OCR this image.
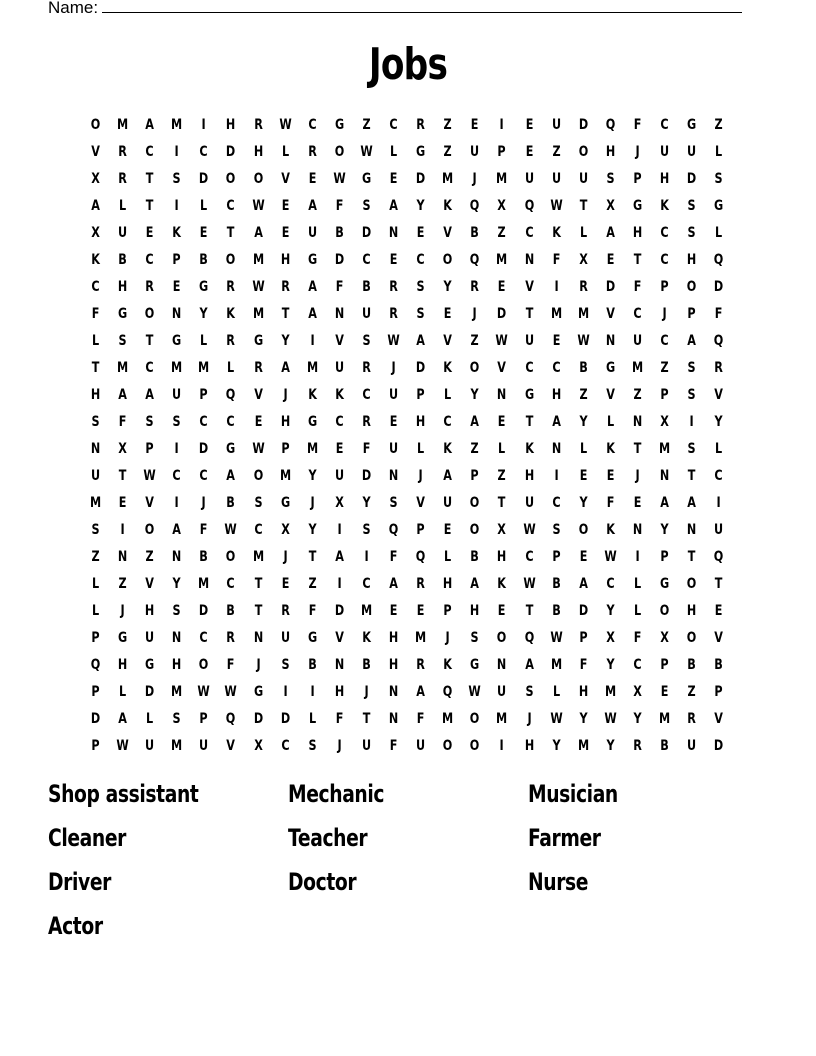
Name:
Jobs
O	M	A	M	I	H	R	W	C	G	Z	C	R	Z	E	I	E	U	D	Q	F	C	G	Z
V	R	C	I	C	D	H	L	R	O	W	L	G	Z	U	P	E	Z	O	H	J	U	U	L
X	R	T	S	D	O	O	V	E	W	G	E	D	M	J	M	U	U	U	S	P	H	D	S
A	L	T	I	L	C	W	E	A	F	S	A	Y	K	Q	X	Q	W	T	X	G	K	S	G
X	U	E	K	E	T	A	E	U	B	D	N	E	V	B	Z	C	K	L	A	H	C	S	L
K	B	C	P	B	O	M	H	G	D	C	E	C	O	Q	M	N	F	X	E	T	C	H	Q
C	H	R	E	G	R	W	R	A	F	B	R	S	Y	R	E	V	I	R	D	F	P	O	D
F	G	O	N	Y	K	M	T	A	N	U	R	S	E	J	D	T	M	M	V	C	J	P	F
L	S	T	G	L	R	G	Y	I	V	S	W	A	V	Z	W	U	E	W	N	U	C	A	Q
T	M	C	M	M	L	R	A	M	U	R	J	D	K	O	V	C	C	B	G	M	Z	S	R
H	A	A	U	P	Q	V	J	K	K	C	U	P	L	Y	N	G	H	Z	V	Z	P	S	V
S	F	S	S	C	C	E	H	G	C	R	E	H	C	A	E	T	A	Y	L	N	X	I	Y
N	X	P	I	D	G	W	P	M	E	F	U	L	K	Z	L	K	N	L	K	T	M	S	L
U	T	W	C	C	A	O	M	Y	U	D	N	J	A	P	Z	H	I	E	E	J	N	T	C
M	E	V	I	J	B	S	G	J	X	Y	S	V	U	O	T	U	C	Y	F	E	A	A	I
S	I	O	A	F	W	C	X	Y	I	S	Q	P	E	O	X	W	S	O	K	N	Y	N	U
Z	N	Z	N	B	O	M	J	T	A	I	F	Q	L	B	H	C	P	E	W	I	P	T	Q
L	Z	V	Y	M	C	T	E	Z	I	C	A	R	H	A	K	W	B	A	C	L	G	O	T
L	J	H	S	D	B	T	R	F	D	M	E	E	P	H	E	T	B	D	Y	L	O	H	E
P	G	U	N	C	R	N	U	G	V	K	H	M	J	S	O	Q	W	P	X	F	X	O	V
Q	H	G	H	O	F	J	S	B	N	B	H	R	K	G	N	A	M	F	Y	C	P	B	B
P	L	D	M	W	W	G	I	I	H	J	N	A	Q	W	U	S	L	H	M	X	E	Z	P
D	A	L	S	P	Q	D	D	L	F	T	N	F	M	O	M	J	W	Y	W	Y	M	R	V
P	W	U	M	U	V	X	C	S	J	U	F	U	O	O	I	H	Y	M	Y	R	B	U	D
Shop assistant	Mechanic	Musician
Cleaner	Teacher	Farmer
Driver	Doctor	Nurse
Actor
